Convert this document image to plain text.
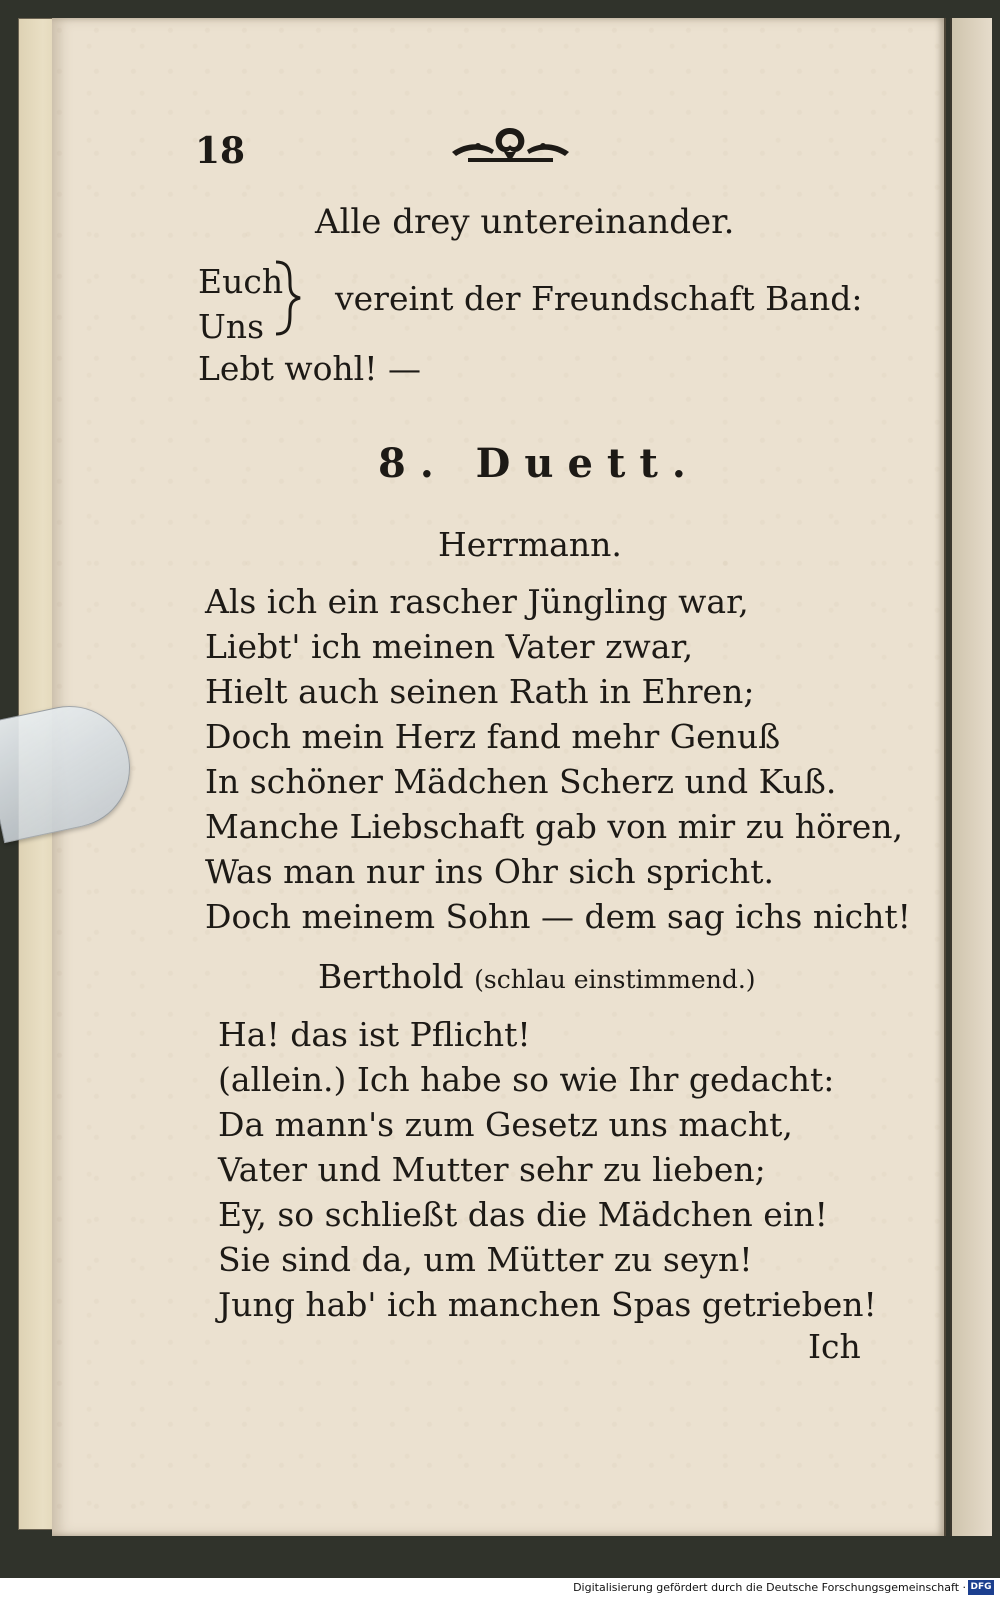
18
Alle drey untereinander.
Euch
Uns
vereint der Freundschaft Band:
Lebt wohl! —
8. Duett.
Herrmann.
Als ich ein rascher Jüngling war,
Liebt' ich meinen Vater zwar,
Hielt auch seinen Rath in Ehren;
Doch mein Herz fand mehr Genuß
In schöner Mädchen Scherz und Kuß.
Manche Liebschaft gab von mir zu hören,
Was man nur ins Ohr sich spricht.
Doch meinem Sohn — dem sag ichs nicht!
Berthold (schlau einstimmend.)
Ha! das ist Pflicht!
(allein.) Ich habe so wie Ihr gedacht:
Da mann's zum Gesetz uns macht,
Vater und Mutter sehr zu lieben;
Ey, so schließt das die Mädchen ein!
Sie sind da, um Mütter zu seyn!
Jung hab' ich manchen Spas getrieben!
Ich
Digitalisierung gefördert durch die Deutsche Forschungsgemeinschaft · DFG
